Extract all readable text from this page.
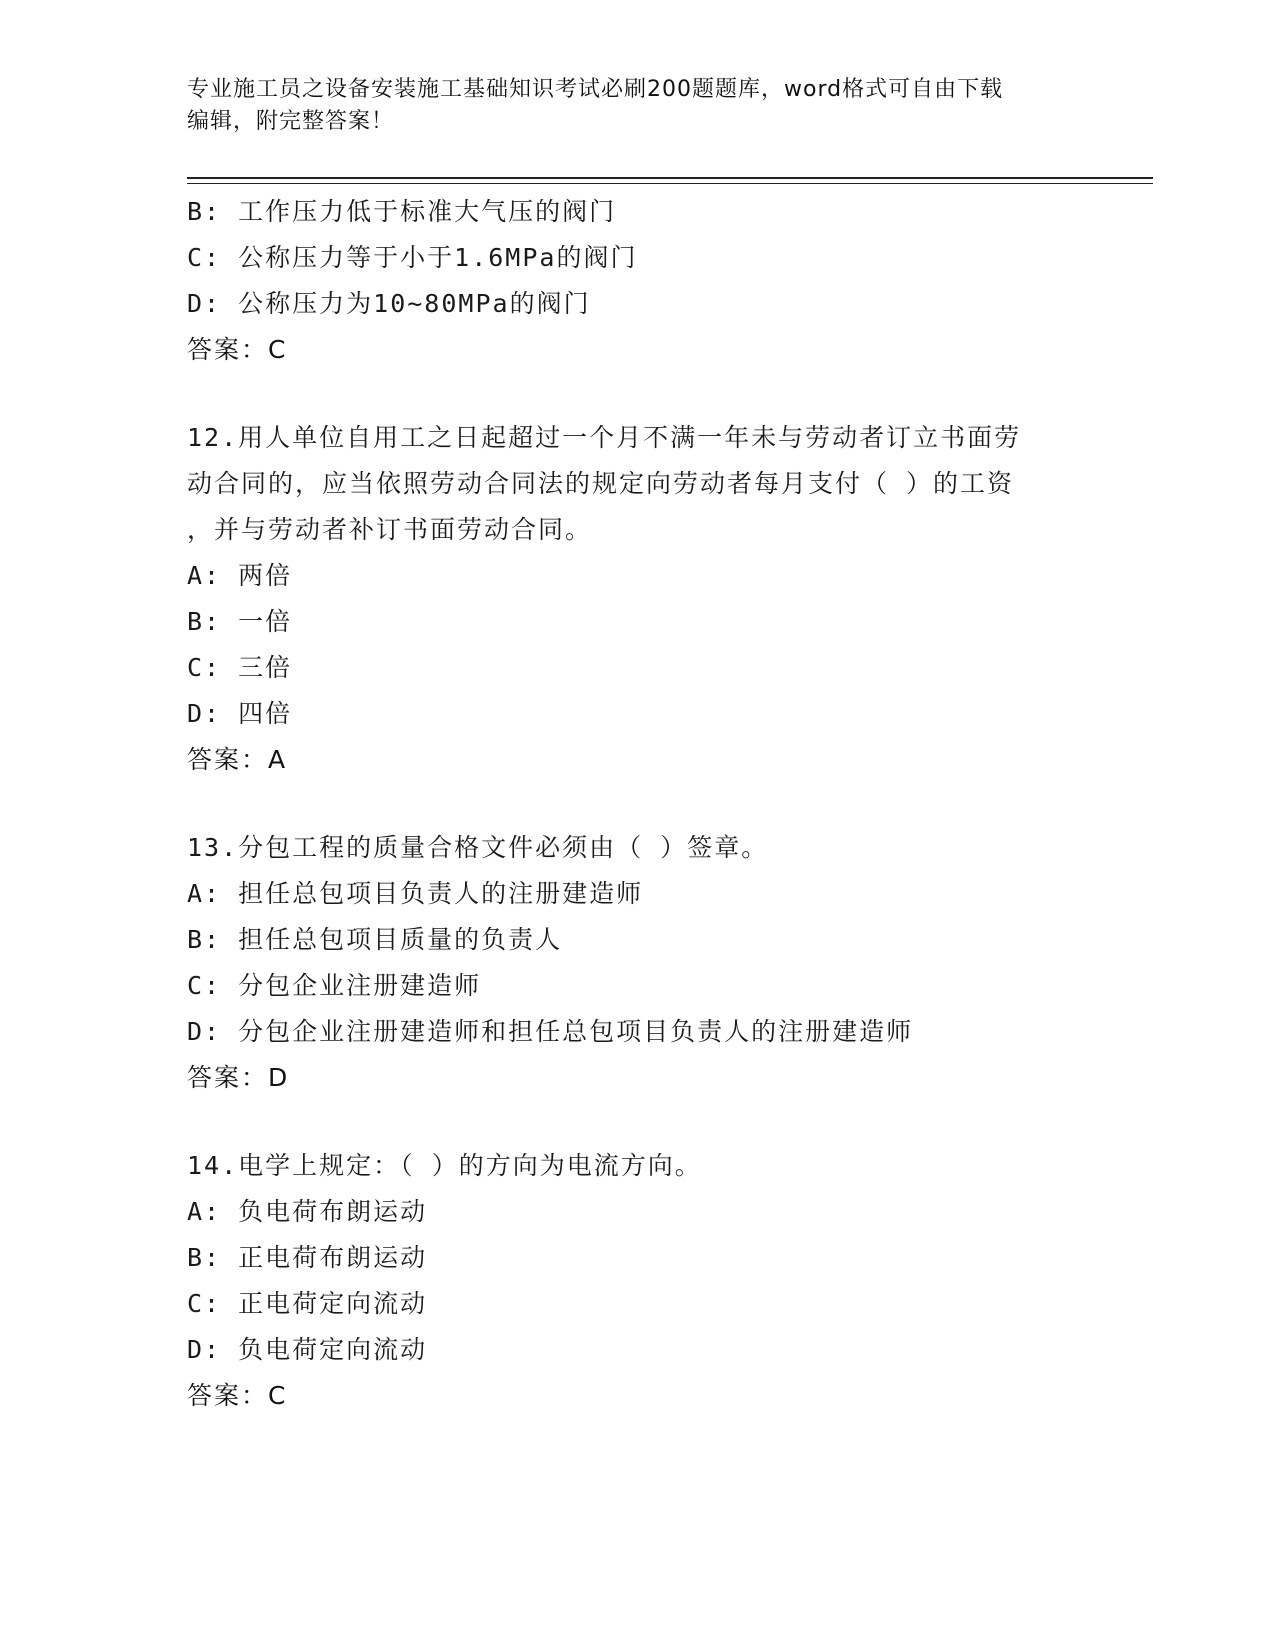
专业施工员之设备安装施工基础知识考试必刷200题题库，word格式可自由下载
编辑，附完整答案！
B: 工作压力低于标准大气压的阀门
C: 公称压力等于小于1.6MPa的阀门
D: 公称压力为10~80MPa的阀门
答案：C
12.用人单位自用工之日起超过一个月不满一年未与劳动者订立书面劳
动合同的，应当依照劳动合同法的规定向劳动者每月支付（ ）的工资
，并与劳动者补订书面劳动合同。
A: 两倍
B: 一倍
C: 三倍
D: 四倍
答案：A
13.分包工程的质量合格文件必须由（ ）签章。
A: 担任总包项目负责人的注册建造师
B: 担任总包项目质量的负责人
C: 分包企业注册建造师
D: 分包企业注册建造师和担任总包项目负责人的注册建造师
答案：D
14.电学上规定：（ ）的方向为电流方向。
A: 负电荷布朗运动
B: 正电荷布朗运动
C: 正电荷定向流动
D: 负电荷定向流动
答案：C
